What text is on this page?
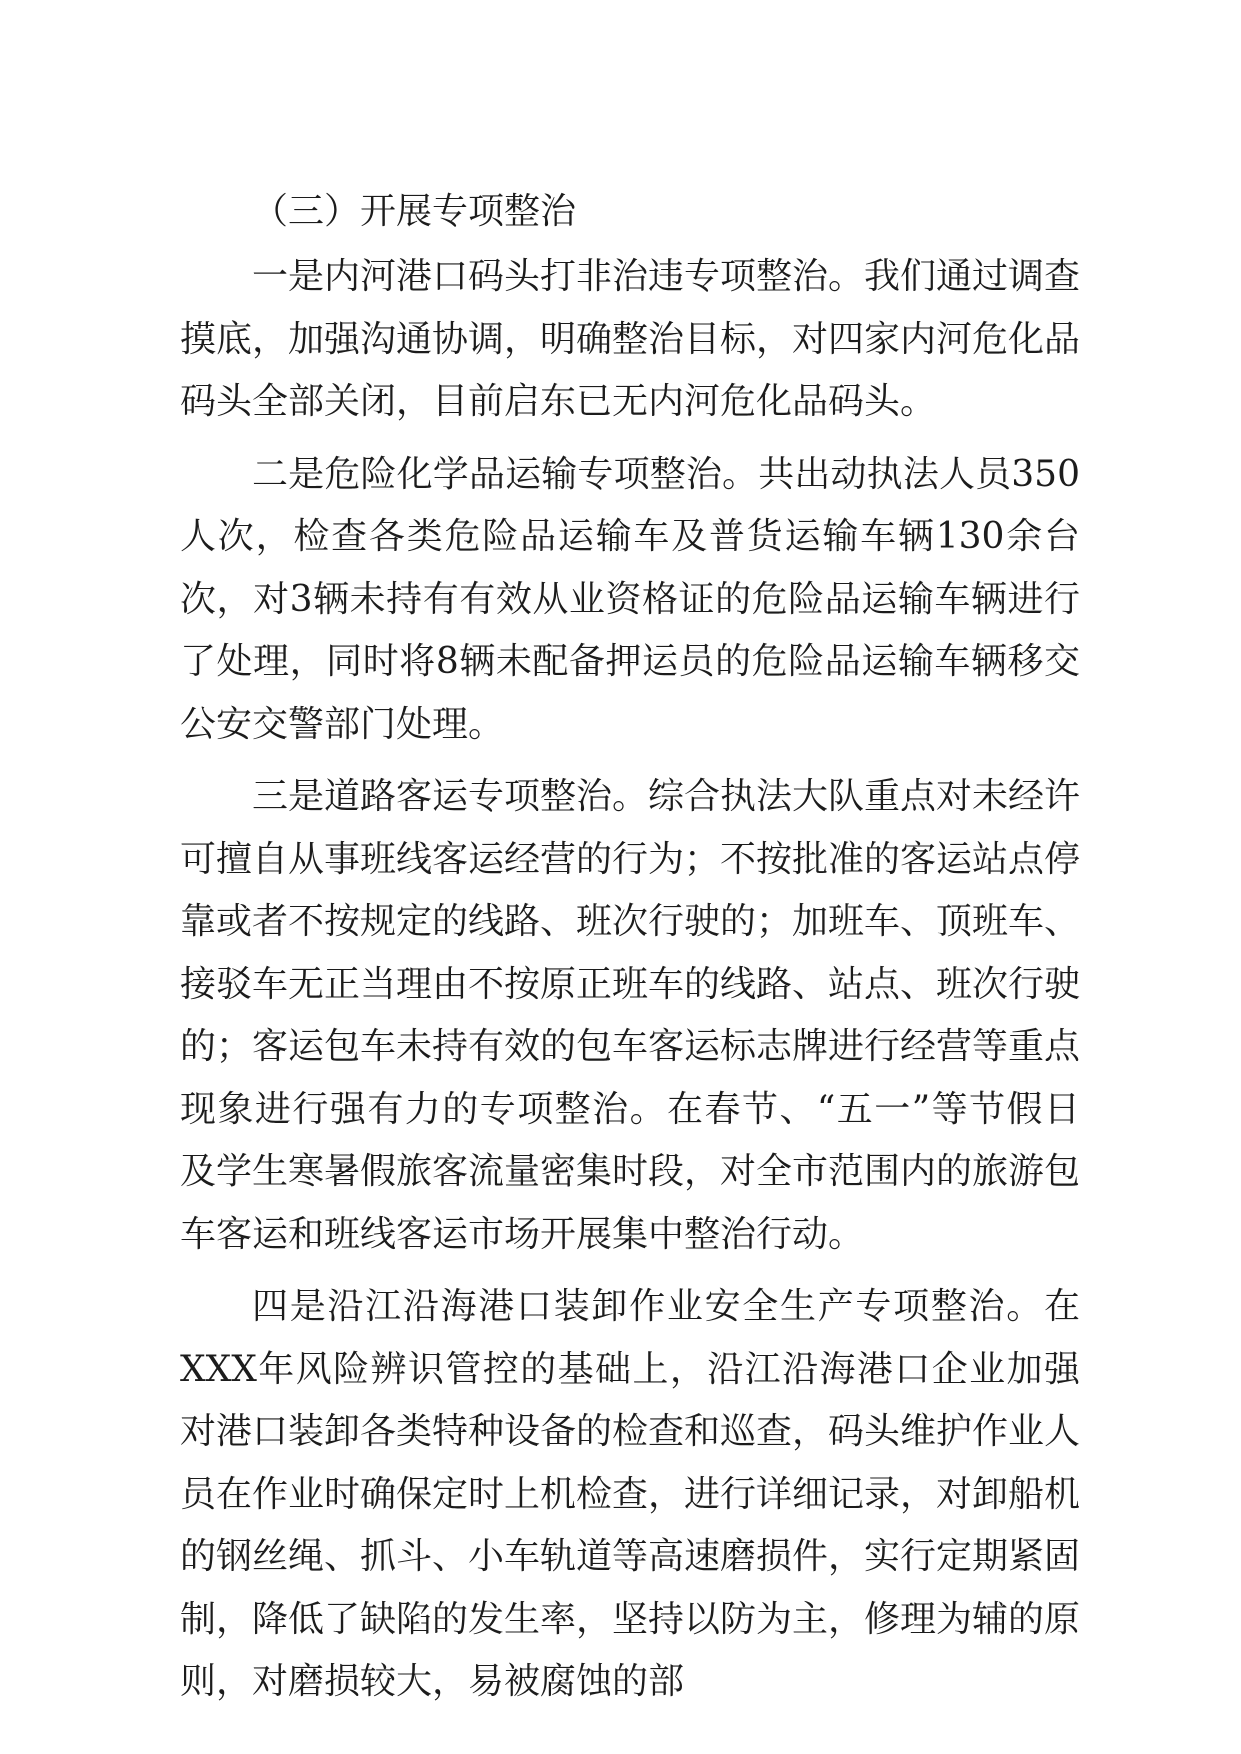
（三）开展专项整治

一是内河港口码头打非治违专项整治。我们通过调查摸底，加强沟通协调，明确整治目标，对四家内河危化品码头全部关闭，目前启东已无内河危化品码头。

二是危险化学品运输专项整治。共出动执法人员350人次，检查各类危险品运输车及普货运输车辆130余台次，对3辆未持有有效从业资格证的危险品运输车辆进行了处理，同时将8辆未配备押运员的危险品运输车辆移交公安交警部门处理。

三是道路客运专项整治。综合执法大队重点对未经许可擅自从事班线客运经营的行为；不按批准的客运站点停靠或者不按规定的线路、班次行驶的；加班车、顶班车、接驳车无正当理由不按原正班车的线路、站点、班次行驶的；客运包车未持有效的包车客运标志牌进行经营等重点现象进行强有力的专项整治。在春节、“五一”等节假日及学生寒暑假旅客流量密集时段，对全市范围内的旅游包车客运和班线客运市场开展集中整治行动。

四是沿江沿海港口装卸作业安全生产专项整治。在XXX年风险辨识管控的基础上，沿江沿海港口企业加强对港口装卸各类特种设备的检查和巡查，码头维护作业人员在作业时确保定时上机检查，进行详细记录，对卸船机的钢丝绳、抓斗、小车轨道等高速磨损件，实行定期紧固制，降低了缺陷的发生率，坚持以防为主，修理为辅的原则，对磨损较大，易被腐蚀的部
